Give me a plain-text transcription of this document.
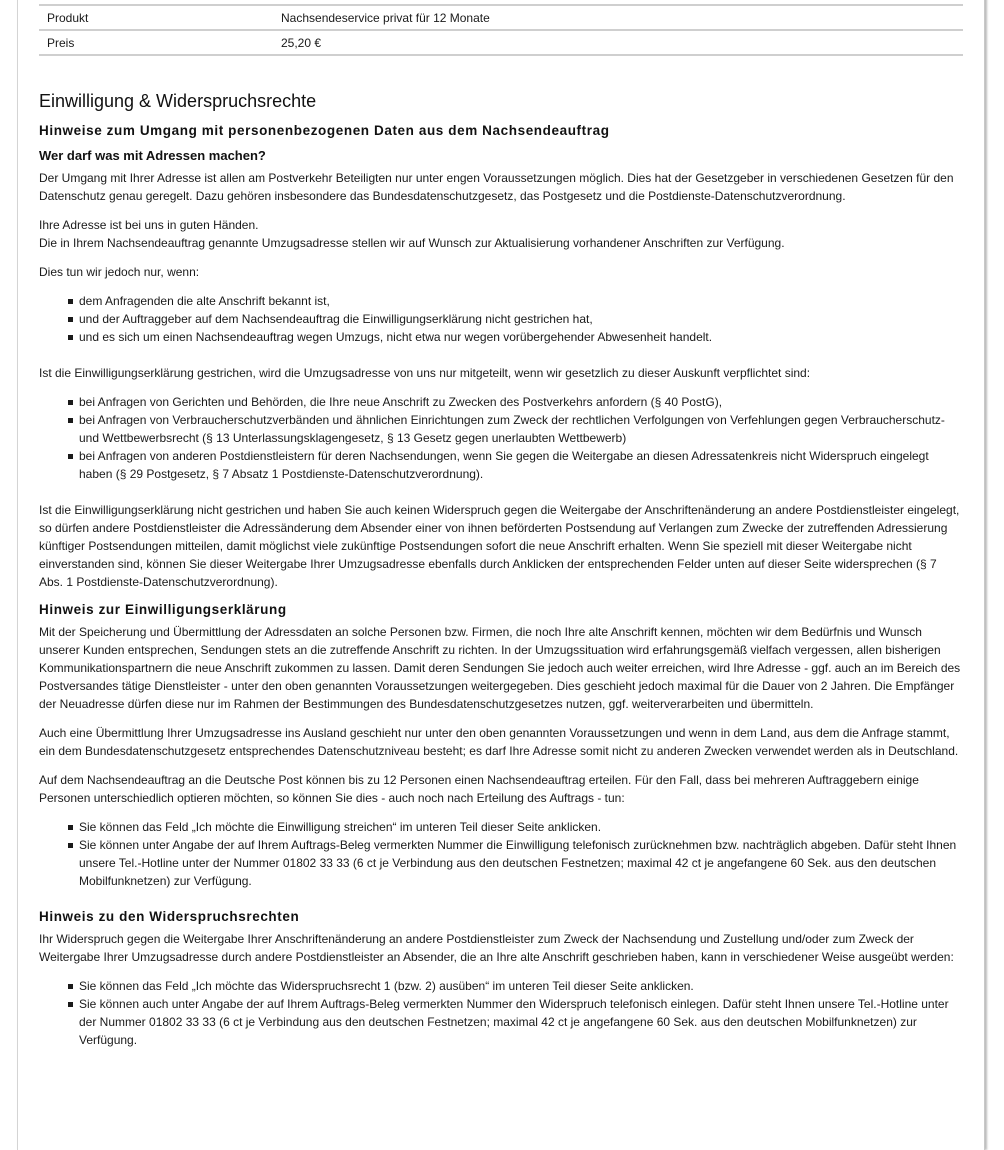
Produkt	Nachsendeservice privat für 12 Monate
Preis	25,20 €
Einwilligung & Widerspruchsrechte
Hinweise zum Umgang mit personenbezogenen Daten aus dem Nachsendeauftrag
Wer darf was mit Adressen machen?

Der Umgang mit Ihrer Adresse ist allen am Postverkehr Beteiligten nur unter engen Voraussetzungen möglich. Dies hat der Gesetzgeber in verschiedenen Gesetzen für den Datenschutz genau geregelt. Dazu gehören insbesondere das Bundesdatenschutzgesetz, das Postgesetz und die Postdienste-Datenschutzverordnung.

Ihre Adresse ist bei uns in guten Händen.
Die in Ihrem Nachsendeauftrag genannte Umzugsadresse stellen wir auf Wunsch zur Aktualisierung vorhandener Anschriften zur Verfügung.

Dies tun wir jedoch nur, wenn:

dem Anfragenden die alte Anschrift bekannt ist,
und der Auftraggeber auf dem Nachsendeauftrag die Einwilligungserklärung nicht gestrichen hat,
und es sich um einen Nachsendeauftrag wegen Umzugs, nicht etwa nur wegen vorübergehender Abwesenheit handelt.

Ist die Einwilligungserklärung gestrichen, wird die Umzugsadresse von uns nur mitgeteilt, wenn wir gesetzlich zu dieser Auskunft verpflichtet sind:

bei Anfragen von Gerichten und Behörden, die Ihre neue Anschrift zu Zwecken des Postverkehrs anfordern (§ 40 PostG),
bei Anfragen von Verbraucherschutzverbänden und ähnlichen Einrichtungen zum Zweck der rechtlichen Verfolgungen von Verfehlungen gegen Verbraucherschutz- und Wettbewerbsrecht (§ 13 Unterlassungsklagengesetz, § 13 Gesetz gegen unerlaubten Wettbewerb)
bei Anfragen von anderen Postdienstleistern für deren Nachsendungen, wenn Sie gegen die Weitergabe an diesen Adressatenkreis nicht Widerspruch eingelegt haben (§ 29 Postgesetz, § 7 Absatz 1 Postdienste-Datenschutzverordnung).

Ist die Einwilligungserklärung nicht gestrichen und haben Sie auch keinen Widerspruch gegen die Weitergabe der Anschriftenänderung an andere Postdienstleister eingelegt, so dürfen andere Postdienstleister die Adressänderung dem Absender einer von ihnen beförderten Postsendung auf Verlangen zum Zwecke der zutreffenden Adressierung künftiger Postsendungen mitteilen, damit möglichst viele zukünftige Postsendungen sofort die neue Anschrift erhalten. Wenn Sie speziell mit dieser Weitergabe nicht einverstanden sind, können Sie dieser Weitergabe Ihrer Umzugsadresse ebenfalls durch Anklicken der entsprechenden Felder unten auf dieser Seite widersprechen (§ 7 Abs. 1 Postdienste-Datenschutzverordnung).

Hinweis zur Einwilligungserklärung

Mit der Speicherung und Übermittlung der Adressdaten an solche Personen bzw. Firmen, die noch Ihre alte Anschrift kennen, möchten wir dem Bedürfnis und Wunsch unserer Kunden entsprechen, Sendungen stets an die zutreffende Anschrift zu richten. In der Umzugssituation wird erfahrungsgemäß vielfach vergessen, allen bisherigen Kommunikationspartnern die neue Anschrift zukommen zu lassen. Damit deren Sendungen Sie jedoch auch weiter erreichen, wird Ihre Adresse - ggf. auch an im Bereich des Postversandes tätige Dienstleister - unter den oben genannten Voraussetzungen weitergegeben. Dies geschieht jedoch maximal für die Dauer von 2 Jahren. Die Empfänger der Neuadresse dürfen diese nur im Rahmen der Bestimmungen des Bundesdatenschutzgesetzes nutzen, ggf. weiterverarbeiten und übermitteln.

Auch eine Übermittlung Ihrer Umzugsadresse ins Ausland geschieht nur unter den oben genannten Voraussetzungen und wenn in dem Land, aus dem die Anfrage stammt, ein dem Bundesdatenschutzgesetz entsprechendes Datenschutzniveau besteht; es darf Ihre Adresse somit nicht zu anderen Zwecken verwendet werden als in Deutschland.

Auf dem Nachsendeauftrag an die Deutsche Post können bis zu 12 Personen einen Nachsendeauftrag erteilen. Für den Fall, dass bei mehreren Auftraggebern einige Personen unterschiedlich optieren möchten, so können Sie dies - auch noch nach Erteilung des Auftrags - tun:

Sie können das Feld „Ich möchte die Einwilligung streichen“ im unteren Teil dieser Seite anklicken.
Sie können unter Angabe der auf Ihrem Auftrags-Beleg vermerkten Nummer die Einwilligung telefonisch zurücknehmen bzw. nachträglich abgeben. Dafür steht Ihnen unsere Tel.-Hotline unter der Nummer 01802 33 33 (6 ct je Verbindung aus den deutschen Festnetzen; maximal 42 ct je angefangene 60 Sek. aus den deutschen Mobilfunknetzen) zur Verfügung.
Hinweis zu den Widerspruchsrechten

Ihr Widerspruch gegen die Weitergabe Ihrer Anschriftenänderung an andere Postdienstleister zum Zweck der Nachsendung und Zustellung und/oder zum Zweck der Weitergabe Ihrer Umzugsadresse durch andere Postdienstleister an Absender, die an Ihre alte Anschrift geschrieben haben, kann in verschiedener Weise ausgeübt werden:

Sie können das Feld „Ich möchte das Widerspruchsrecht 1 (bzw. 2) ausüben“ im unteren Teil dieser Seite anklicken.
Sie können auch unter Angabe der auf Ihrem Auftrags-Beleg vermerkten Nummer den Widerspruch telefonisch einlegen. Dafür steht Ihnen unsere Tel.-Hotline unter der Nummer 01802 33 33 (6 ct je Verbindung aus den deutschen Festnetzen; maximal 42 ct je angefangene 60 Sek. aus den deutschen Mobilfunknetzen) zur Verfügung.
